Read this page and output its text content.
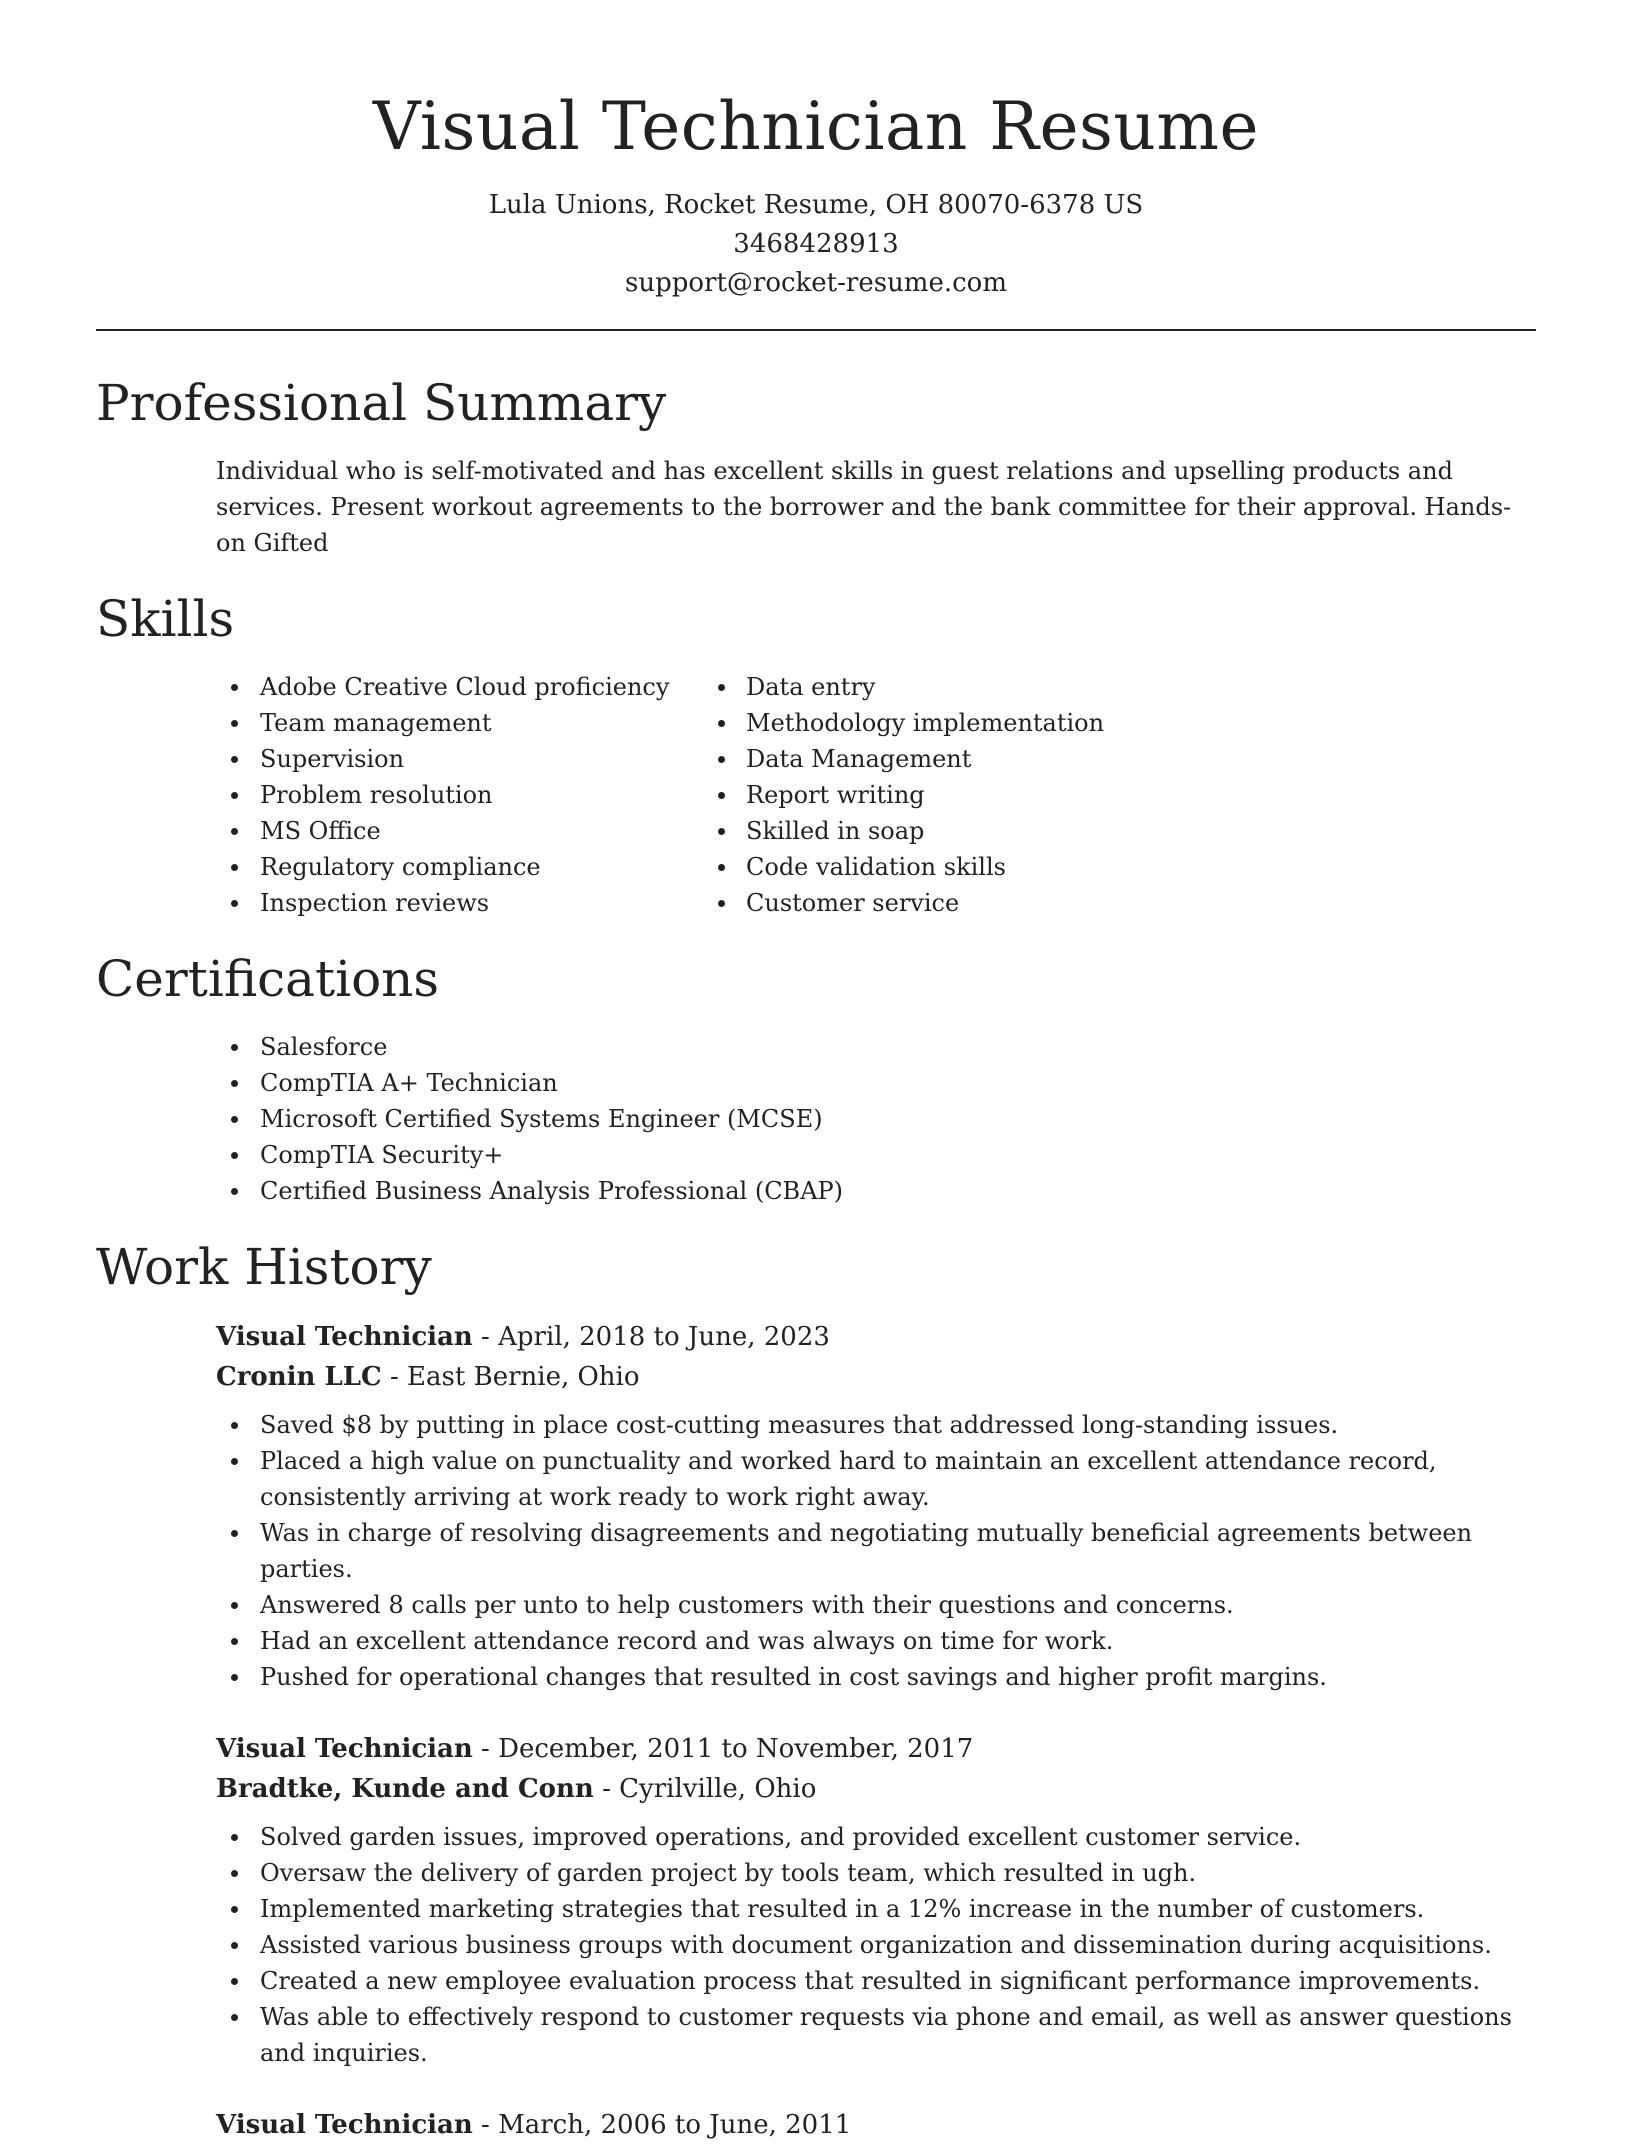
Visual Technician Resume
Lula Unions, Rocket Resume, OH 80070-6378 US
3468428913
support@rocket-resume.com
Professional Summary

Individual who is self-motivated and has excellent skills in guest relations and upselling products and services. Present workout agreements to the borrower and the bank committee for their approval. Hands-on Gifted

Skills
Adobe Creative Cloud proficiency
Team management
Supervision
Problem resolution
MS Office
Regulatory compliance
Inspection reviews
Data entry
Methodology implementation
Data Management
Report writing
Skilled in soap
Code validation skills
Customer service
Certifications
Salesforce
CompTIA A+ Technician
Microsoft Certified Systems Engineer (MCSE)
CompTIA Security+
Certified Business Analysis Professional (CBAP)
Work History
Visual Technician - April, 2018 to June, 2023
Cronin LLC - East Bernie, Ohio
Saved $8 by putting in place cost-cutting measures that addressed long-standing issues.
Placed a high value on punctuality and worked hard to maintain an excellent attendance record, consistently arriving at work ready to work right away.
Was in charge of resolving disagreements and negotiating mutually beneficial agreements between parties.
Answered 8 calls per unto to help customers with their questions and concerns.
Had an excellent attendance record and was always on time for work.
Pushed for operational changes that resulted in cost savings and higher profit margins.
Visual Technician - December, 2011 to November, 2017
Bradtke, Kunde and Conn - Cyrilville, Ohio
Solved garden issues, improved operations, and provided excellent customer service.
Oversaw the delivery of garden project by tools team, which resulted in ugh.
Implemented marketing strategies that resulted in a 12% increase in the number of customers.
Assisted various business groups with document organization and dissemination during acquisitions.
Created a new employee evaluation process that resulted in significant performance improvements.
Was able to effectively respond to customer requests via phone and email, as well as answer questions and inquiries.
Visual Technician - March, 2006 to June, 2011
